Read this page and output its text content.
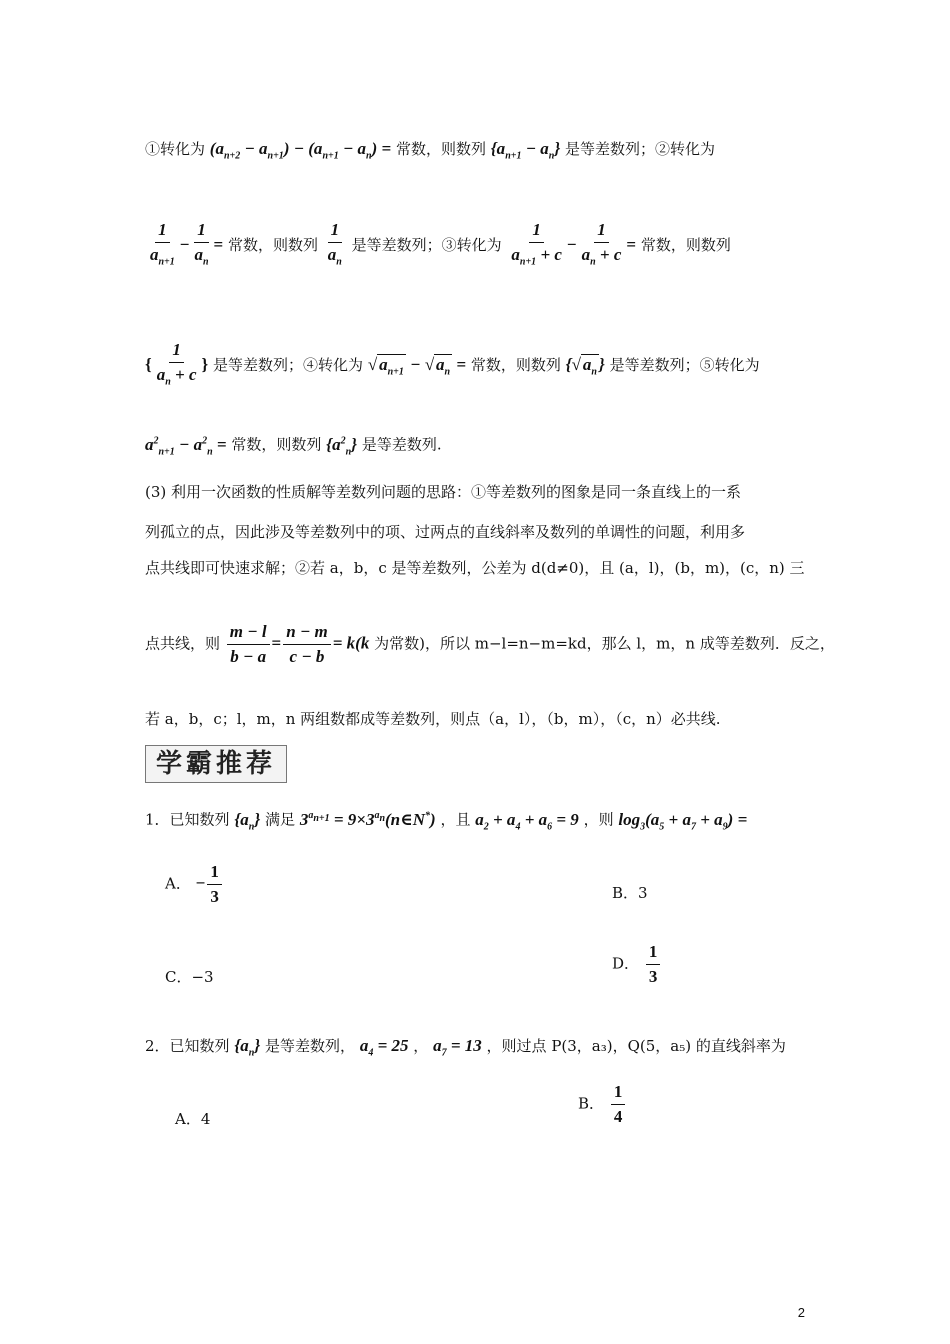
①转化为 $(a_{n+2} - a_{n+1}) - (a_{n+1} - a_n)$ = 常数，则数列 $\{a_{n+1} - a_n\}$ 是等差数列；②转化为
$\frac{1}{a_{n+1}} - \frac{1}{a_n}$ = 常数，则数列 $\frac{1}{a_n}$ 是等差数列；③转化为 $\frac{1}{a_{n+1} + c} - \frac{1}{a_n + c}$ = 常数，则数列
{ $\frac{1}{a_n + c}$ } 是等差数列；④转化为 √ $a_{n+1}$ − √ $a_n$ = 常数，则数列 {√ $a_n$ } 是等差数列；⑤转化为
$a^2_{n+1} - a^2_n$ = 常数，则数列 $\{a^2_n\}$ 是等差数列.
(3) 利用一次函数的性质解等差数列问题的思路：①等差数列的图象是同一条直线上的一系
列孤立的点，因此涉及等差数列中的项、过两点的直线斜率及数列的单调性的问题，利用多
点共线即可快速求解；②若 a，b，c 是等差数列，公差为 d(d≠0)，且 (a，l)，(b，m)，(c，n) 三
点共线，则 $\frac{m - l}{b - a} = \frac{n - m}{c - b} = k(k$ 为常数)，所以 m−l=n−m=kd，那么 l，m，n 成等差数列．反之，
若 a，b，c；l，m，n 两组数都成等差数列，则点（a，l），（b，m），（c，n）必共线.
学霸推荐
1．已知数列 $\{a_n\}$ 满足 $3^{a_{n+1}}$ = $9\times 3^{a_n}(n\in N^*)$ ，且 $a_2 + a_4 + a_6 = 9$ ，则 $\log_3(a_5 + a_7 + a_9)$ =
A． − $\frac{1}{3}$	B．3
C．−3
D． $\frac{1}{3}$
2．已知数列 $\{a_n\}$ 是等差数列， $a_4 = 25$ ， $a_7 = 13$ ，则过点 P(3，a₃)，Q(5，a₅) 的直线斜率为
A．4
B． $\frac{1}{4}$
2
